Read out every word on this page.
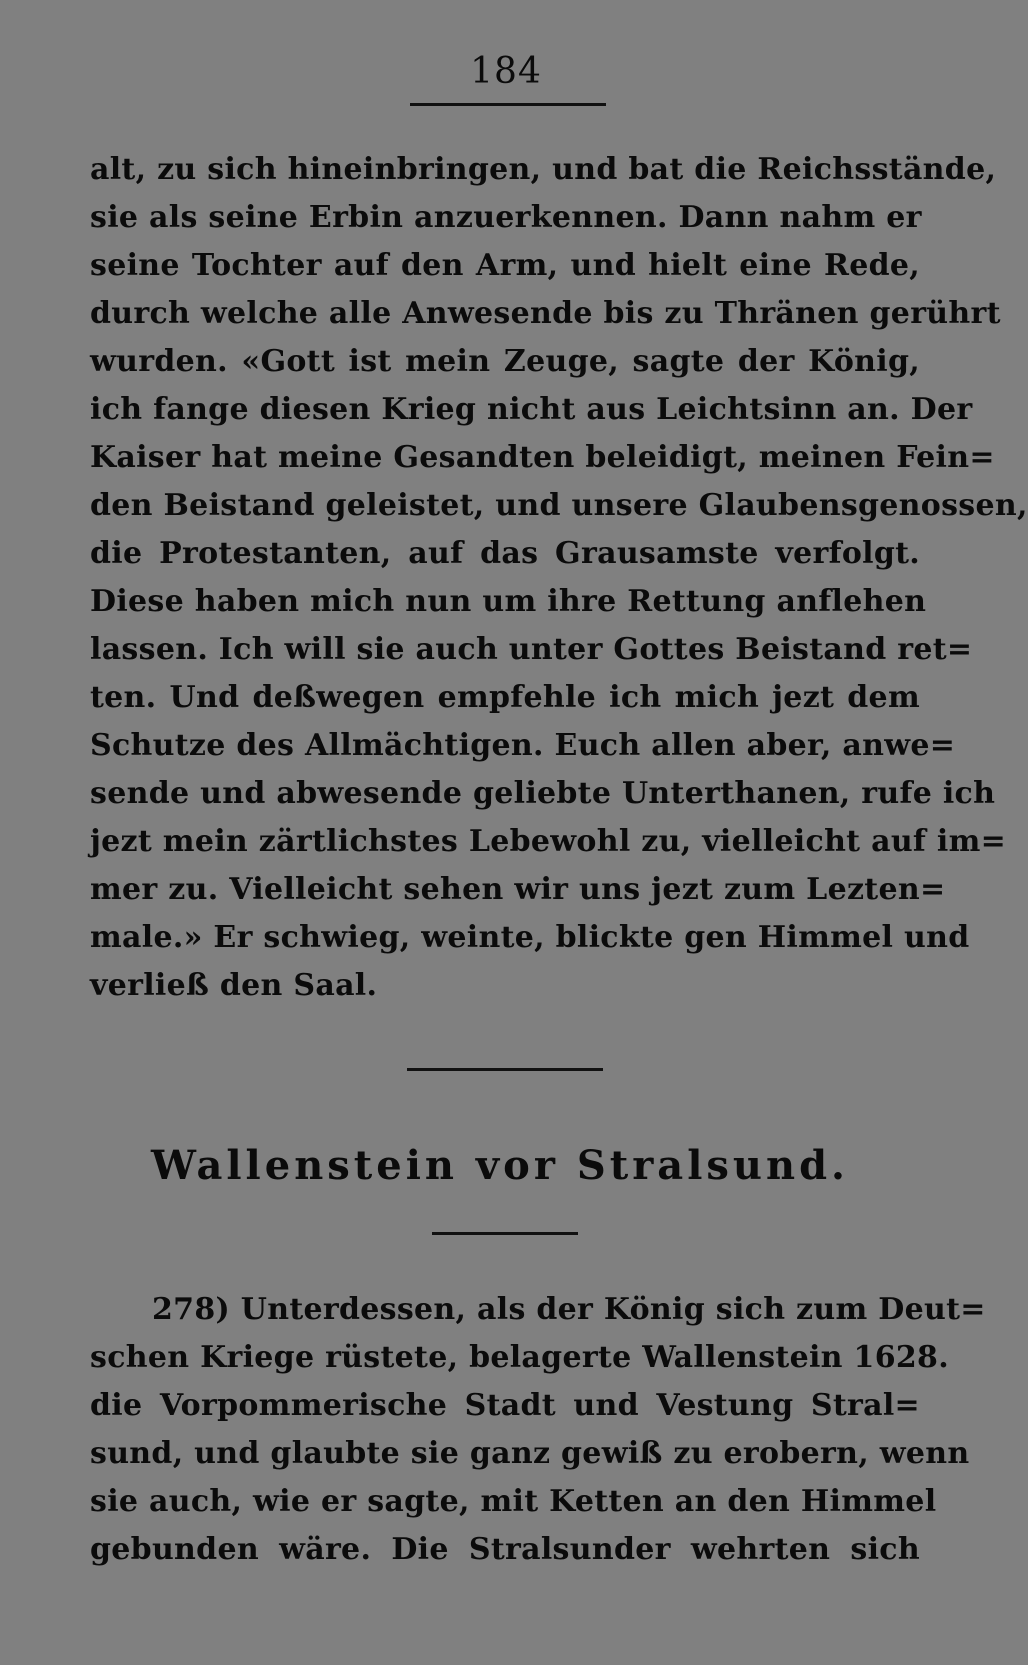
184
alt, zu sich hineinbringen, und bat die Reichsstände,
sie als seine Erbin anzuerkennen. Dann nahm er
seine Tochter auf den Arm, und hielt eine Rede,
durch welche alle Anwesende bis zu Thränen gerührt
wurden. «Gott ist mein Zeuge, sagte der König,
ich fange diesen Krieg nicht aus Leichtsinn an. Der
Kaiser hat meine Gesandten beleidigt, meinen Fein=
den Beistand geleistet, und unsere Glaubensgenossen,
die Protestanten, auf das Grausamste verfolgt.
Diese haben mich nun um ihre Rettung anflehen
lassen. Ich will sie auch unter Gottes Beistand ret=
ten. Und deßwegen empfehle ich mich jezt dem
Schutze des Allmächtigen. Euch allen aber, anwe=
sende und abwesende geliebte Unterthanen, rufe ich
jezt mein zärtlichstes Lebewohl zu, vielleicht auf im=
mer zu. Vielleicht sehen wir uns jezt zum Lezten=
male.» Er schwieg, weinte, blickte gen Himmel und
verließ den Saal.
Wallenstein vor Stralsund.
278) Unterdessen, als der König sich zum Deut=
schen Kriege rüstete, belagerte Wallenstein 1628.
die Vorpommerische Stadt und Vestung Stral=
sund, und glaubte sie ganz gewiß zu erobern, wenn
sie auch, wie er sagte, mit Ketten an den Himmel
gebunden wäre. Die Stralsunder wehrten sich
